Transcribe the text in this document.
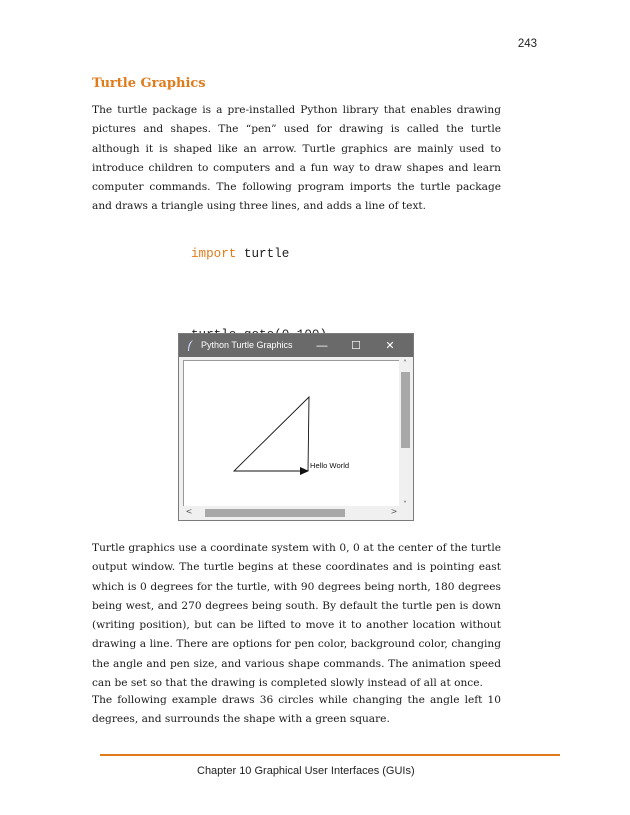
243
Turtle Graphics

The turtle package is a pre-installed Python library that enables drawing pictures and shapes. The “pen” used for drawing is called the turtle although it is shaped like an arrow. Turtle graphics are mainly used to introduce children to computers and a fun way to draw shapes and learn computer commands. The following program imports the turtle package and draws a triangle using three lines, and adds a line of text.

import turtle

Python Turtle Graphics	—	☐	✕
˄
˅
<	>
Hello World

Turtle graphics use a coordinate system with 0, 0 at the center of the turtle output window. The turtle begins at these coordinates and is pointing east which is 0 degrees for the turtle, with 90 degrees being north, 180 degrees being west, and 270 degrees being south. By default the turtle pen is down (writing position), but can be lifted to move it to another location without drawing a line. There are options for pen color, background color, changing the angle and pen size, and various shape commands. The animation speed can be set so that the drawing is completed slowly instead of all at once.

The following example draws 36 circles while changing the angle left 10 degrees, and surrounds the shape with a green square.

Chapter 10 Graphical User Interfaces (GUIs)
